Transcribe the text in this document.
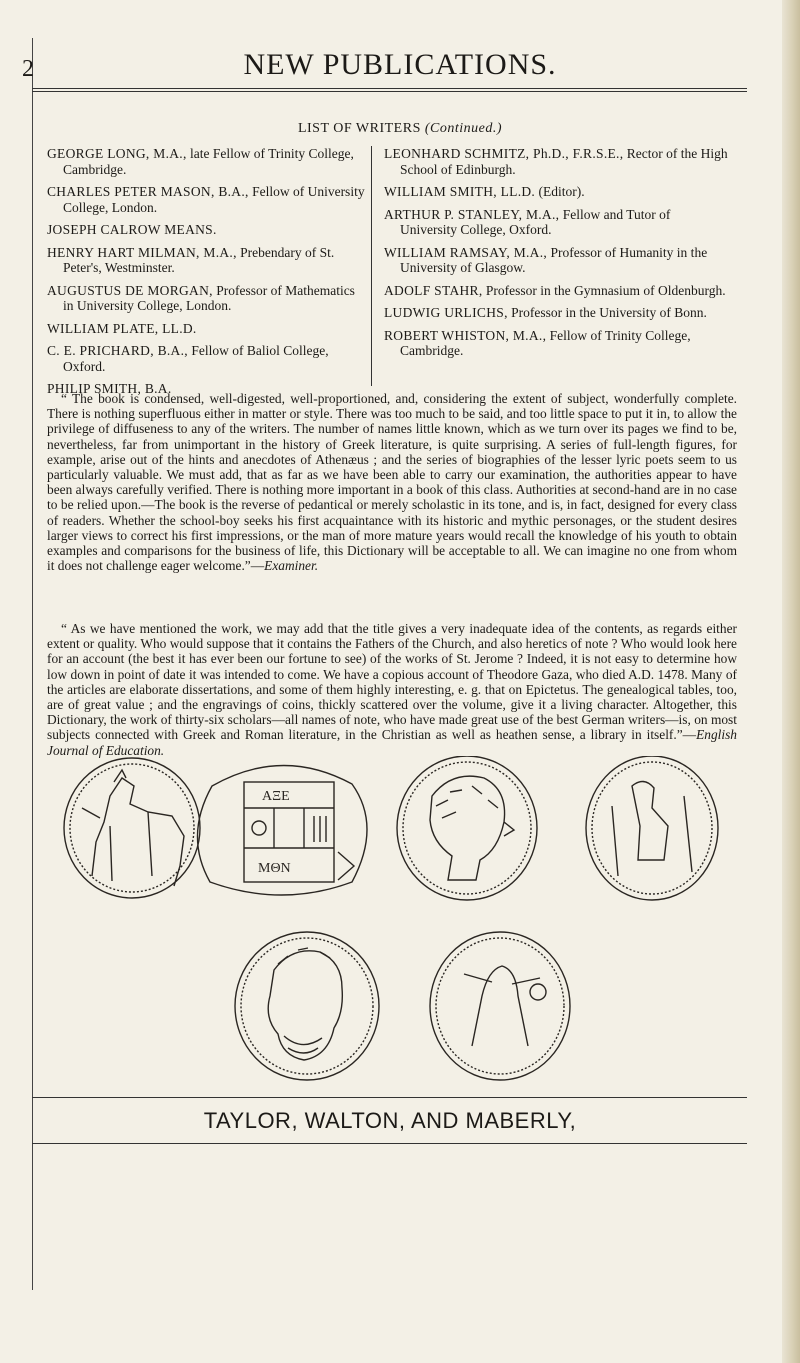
2	NEW PUBLICATIONS.
LIST OF WRITERS (Continued.)

GEORGE LONG, M.A., late Fellow of Trinity College, Cambridge.

CHARLES PETER MASON, B.A., Fellow of University College, London.

JOSEPH CALROW MEANS.

HENRY HART MILMAN, M.A., Prebendary of St. Peter's, Westminster.

AUGUSTUS DE MORGAN, Professor of Mathematics in University College, London.

WILLIAM PLATE, LL.D.

C. E. PRICHARD, B.A., Fellow of Baliol College, Oxford.

PHILIP SMITH, B.A.

LEONHARD SCHMITZ, Ph.D., F.R.S.E., Rector of the High School of Edinburgh.

WILLIAM SMITH, LL.D. (Editor).

ARTHUR P. STANLEY, M.A., Fellow and Tutor of University College, Oxford.

WILLIAM RAMSAY, M.A., Professor of Humanity in the University of Glasgow.

ADOLF STAHR, Professor in the Gymnasium of Oldenburgh.

LUDWIG URLICHS, Professor in the University of Bonn.

ROBERT WHISTON, M.A., Fellow of Trinity College, Cambridge.

“ The book is condensed, well-digested, well-proportioned, and, considering the extent of subject, wonderfully complete. There is nothing superfluous either in matter or style. There was too much to be said, and too little space to put it in, to allow the privilege of diffuseness to any of the writers. The number of names little known, which as we turn over its pages we find to be, nevertheless, far from unimportant in the history of Greek literature, is quite surprising. A series of full-length figures, for example, arise out of the hints and anecdotes of Athenæus ; and the series of biographies of the lesser lyric poets seem to us particularly valuable. We must add, that as far as we have been able to carry our examination, the authorities appear to have been always carefully verified. There is nothing more important in a book of this class. Authorities at second-hand are in no case to be relied upon.—The book is the reverse of pedantical or merely scholastic in its tone, and is, in fact, designed for every class of readers. Whether the school-boy seeks his first acquaintance with its historic and mythic personages, or the student desires larger views to correct his first impressions, or the man of more mature years would recall the knowledge of his youth to obtain examples and comparisons for the business of life, this Dictionary will be acceptable to all. We can imagine no one from whom it does not challenge eager welcome.”—Examiner.

“ As we have mentioned the work, we may add that the title gives a very inadequate idea of the contents, as regards either extent or quality. Who would suppose that it contains the Fathers of the Church, and also heretics of note ? Who would look here for an account (the best it has ever been our fortune to see) of the works of St. Jerome ? Indeed, it is not easy to determine how low down in point of date it was intended to come. We have a copious account of Theodore Gaza, who died A.D. 1478. Many of the articles are elaborate dissertations, and some of them highly interesting, e. g. that on Epictetus. The genealogical tables, too, are of great value ; and the engravings of coins, thickly scattered over the volume, give it a living character. Altogether, this Dictionary, the work of thirty-six scholars—all names of note, who have made great use of the best German writers—is, on most subjects connected with Greek and Roman literature, in the Christian as well as heathen sense, a library in itself.”—English Journal of Education.

ΑΞΕ
ΜΘΝ
TAYLOR, WALTON, AND MABERLY,
